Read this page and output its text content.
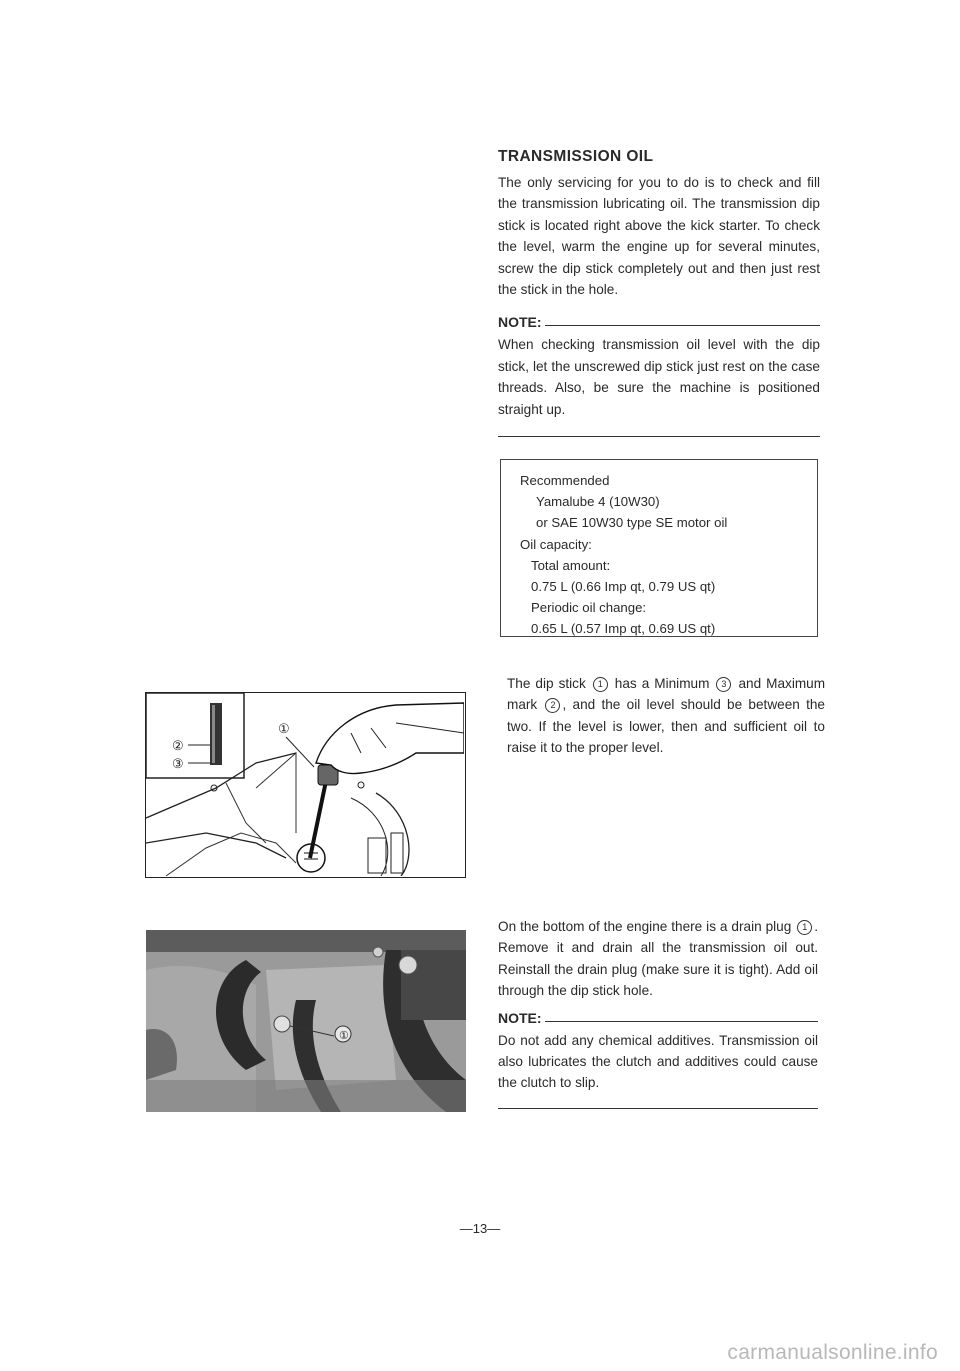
TRANSMISSION OIL

The only servicing for you to do is to check and fill the transmission lubricating oil. The transmission dip stick is located right above the kick starter. To check the level, warm the engine up for several minutes, screw the dip stick completely out and then just rest the stick in the hole.

NOTE:

When checking transmission oil level with the dip stick, let the unscrewed dip stick just rest on the case threads. Also, be sure the machine is positioned straight up.

Recommended
Yamalube 4 (10W30)
or SAE 10W30 type SE motor oil
Oil capacity:
Total amount:
0.75 L (0.66 Imp qt, 0.79 US qt)
Periodic oil change:
0.65 L (0.57 Imp qt, 0.69 US qt)

The dip stick 1 has a Minimum 3 and Maximum mark 2 , and the oil level should be between the two. If the level is lower, then and sufficient oil to raise it to the proper level.

②
③
①

On the bottom of the engine there is a drain plug 1 . Remove it and drain all the transmission oil out. Reinstall the drain plug (make sure it is tight). Add oil through the dip stick hole.

NOTE:

Do not add any chemical additives. Transmission oil also lubricates the clutch and additives could cause the clutch to slip.

①
—13—
carmanualsonline.info
